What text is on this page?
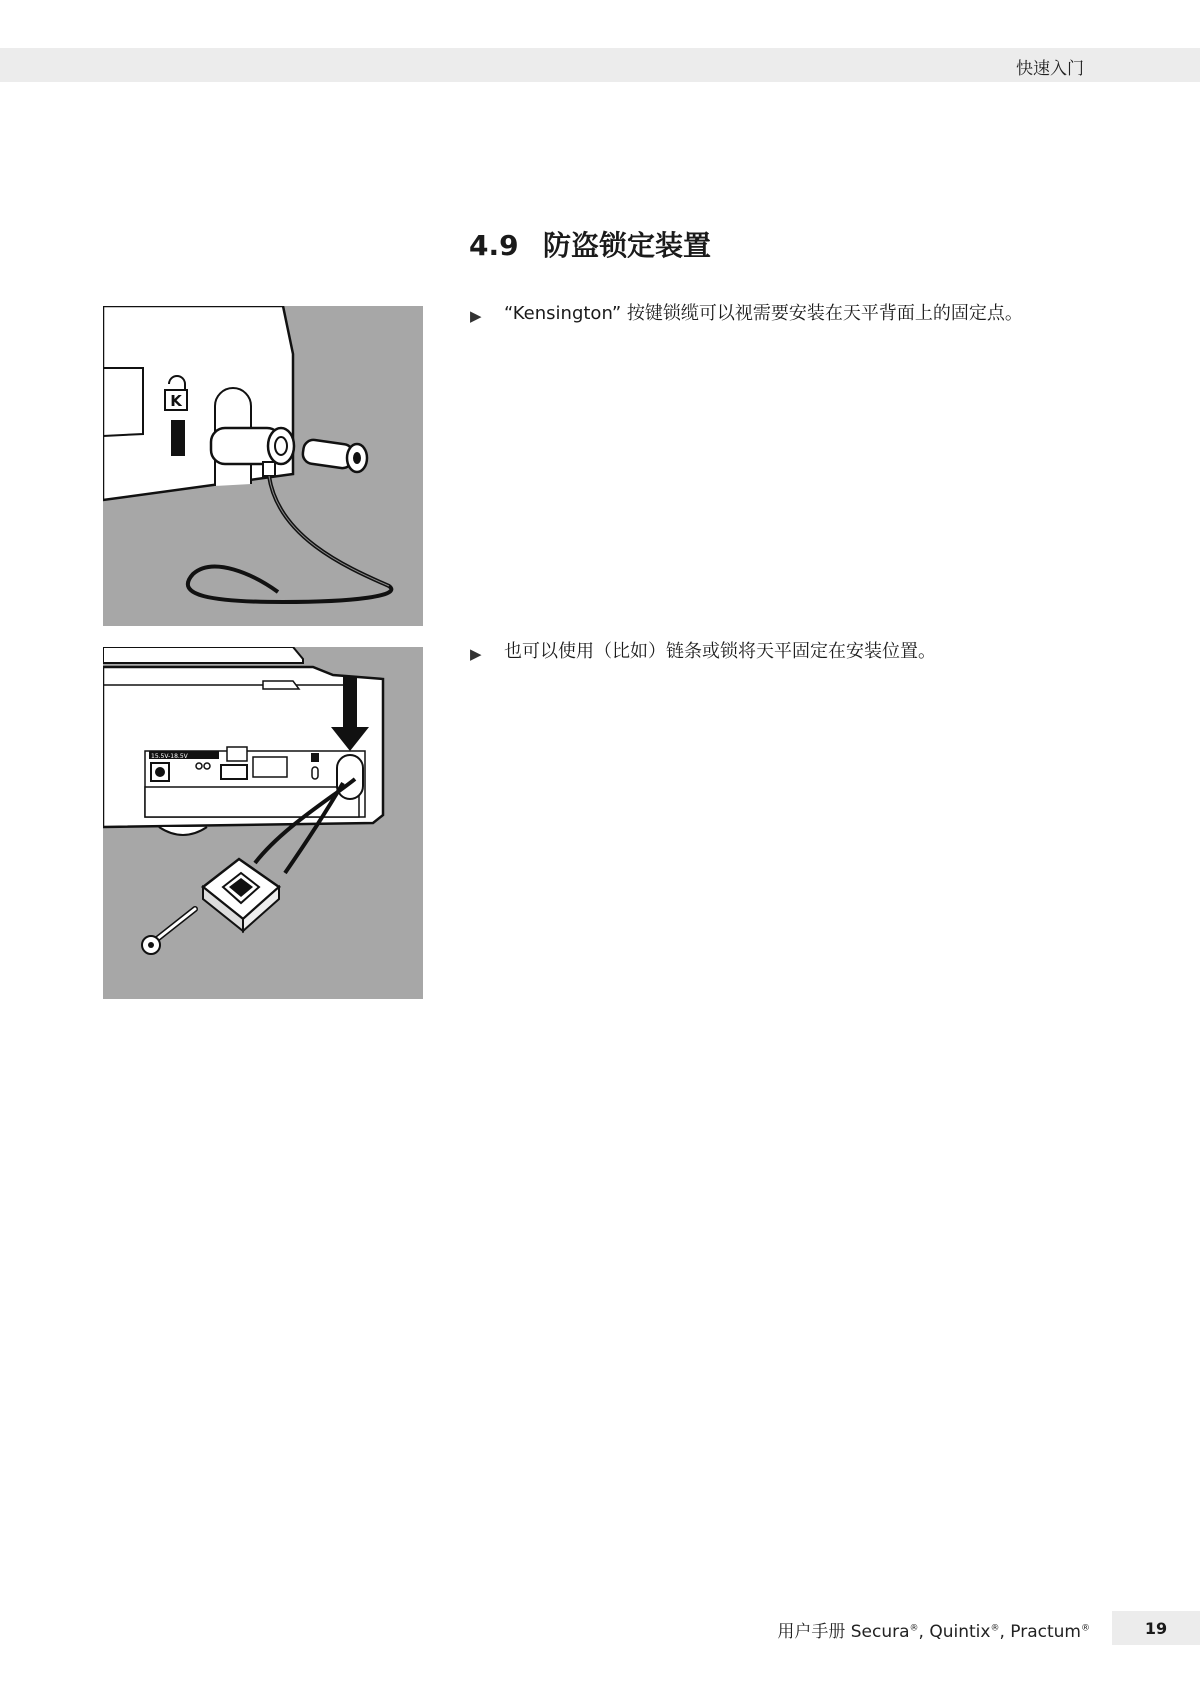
快速入门
4.9 防盗锁定装置
▶	“Kensington” 按键锁缆可以视需要安装在天平背面上的固定点。
▶	也可以使用（比如）链条或锁将天平固定在安装位置。
K
15.5V-18.5V
用户手册 Secura®, Quintix®, Practum®	19
